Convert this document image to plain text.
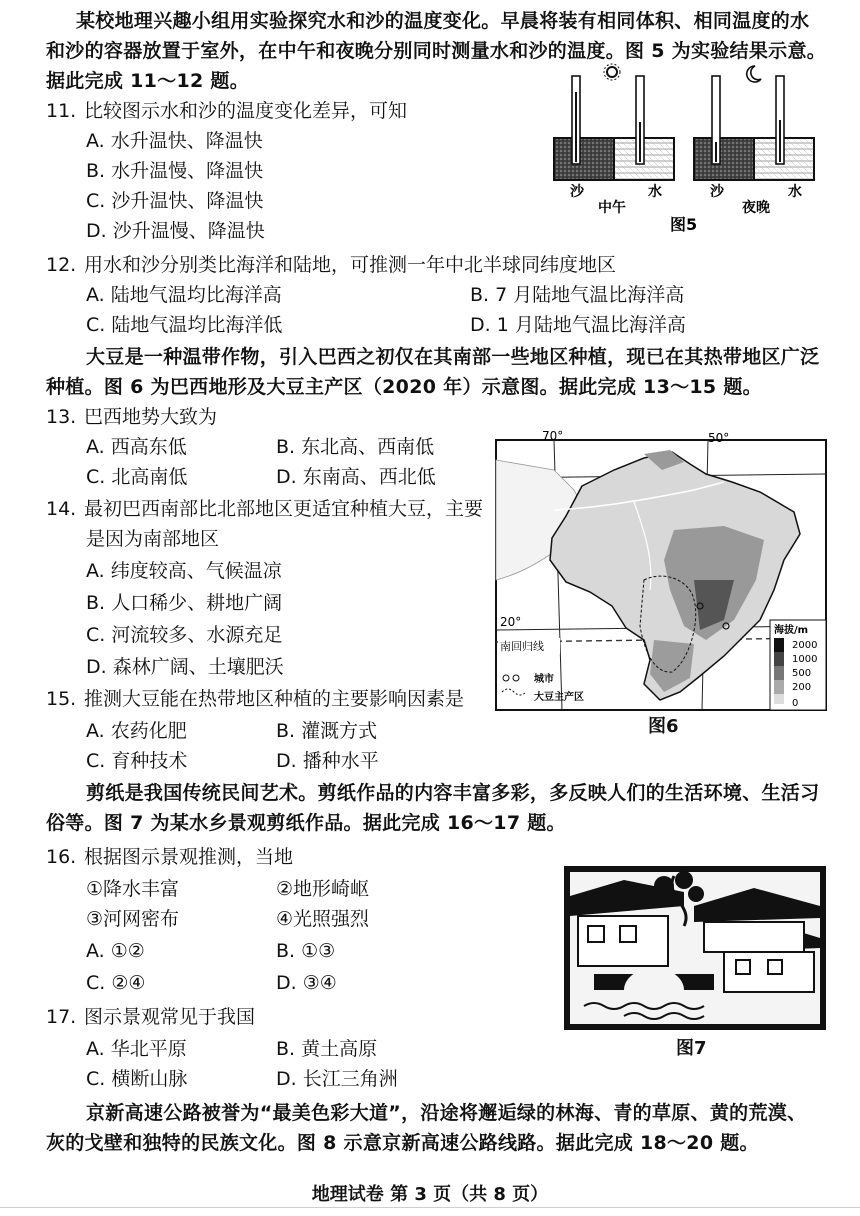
某校地理兴趣小组用实验探究水和沙的温度变化。早晨将装有相同体积、相同温度的水
和沙的容器放置于室外，在中午和夜晚分别同时测量水和沙的温度。图 5 为实验结果示意。
据此完成 11～12 题。
11. 比较图示水和沙的温度变化差异，可知
A. 水升温快、降温快
B. 水升温慢、降温快
C. 沙升温快、降温快
D. 沙升温慢、降温快
沙	水	沙	水
中午	夜晚
图5
12. 用水和沙分别类比海洋和陆地，可推测一年中北半球同纬度地区
A. 陆地气温均比海洋高	B. 7 月陆地气温比海洋高
C. 陆地气温均比海洋低	D. 1 月陆地气温比海洋高
大豆是一种温带作物，引入巴西之初仅在其南部一些地区种植，现已在其热带地区广泛
种植。图 6 为巴西地形及大豆主产区（2020 年）示意图。据此完成 13～15 题。
13. 巴西地势大致为
A. 西高东低	B. 东北高、西南低
C. 北高南低	D. 东南高、西北低
14. 最初巴西南部比北部地区更适宜种植大豆，主要
是因为南部地区
A. 纬度较高、气候温凉
B. 人口稀少、耕地广阔
C. 河流较多、水源充足
D. 森林广阔、土壤肥沃
15. 推测大豆能在热带地区种植的主要影响因素是
A. 农药化肥	B. 灌溉方式
C. 育种技术	D. 播种水平
70°	50°
20°
南回归线
海拔/m
2000
1000
500
200
0
城市
大豆主产区
图6
剪纸是我国传统民间艺术。剪纸作品的内容丰富多彩，多反映人们的生活环境、生活习
俗等。图 7 为某水乡景观剪纸作品。据此完成 16～17 题。
16. 根据图示景观推测，当地
①降水丰富	②地形崎岖
③河网密布	④光照强烈
A. ①②	B. ①③
C. ②④	D. ③④
图7
17. 图示景观常见于我国
A. 华北平原	B. 黄土高原
C. 横断山脉	D. 长江三角洲
京新高速公路被誉为“最美色彩大道”，沿途将邂逅绿的林海、青的草原、黄的荒漠、
灰的戈壁和独特的民族文化。图 8 示意京新高速公路线路。据此完成 18～20 题。
地理试卷 第 3 页（共 8 页）
